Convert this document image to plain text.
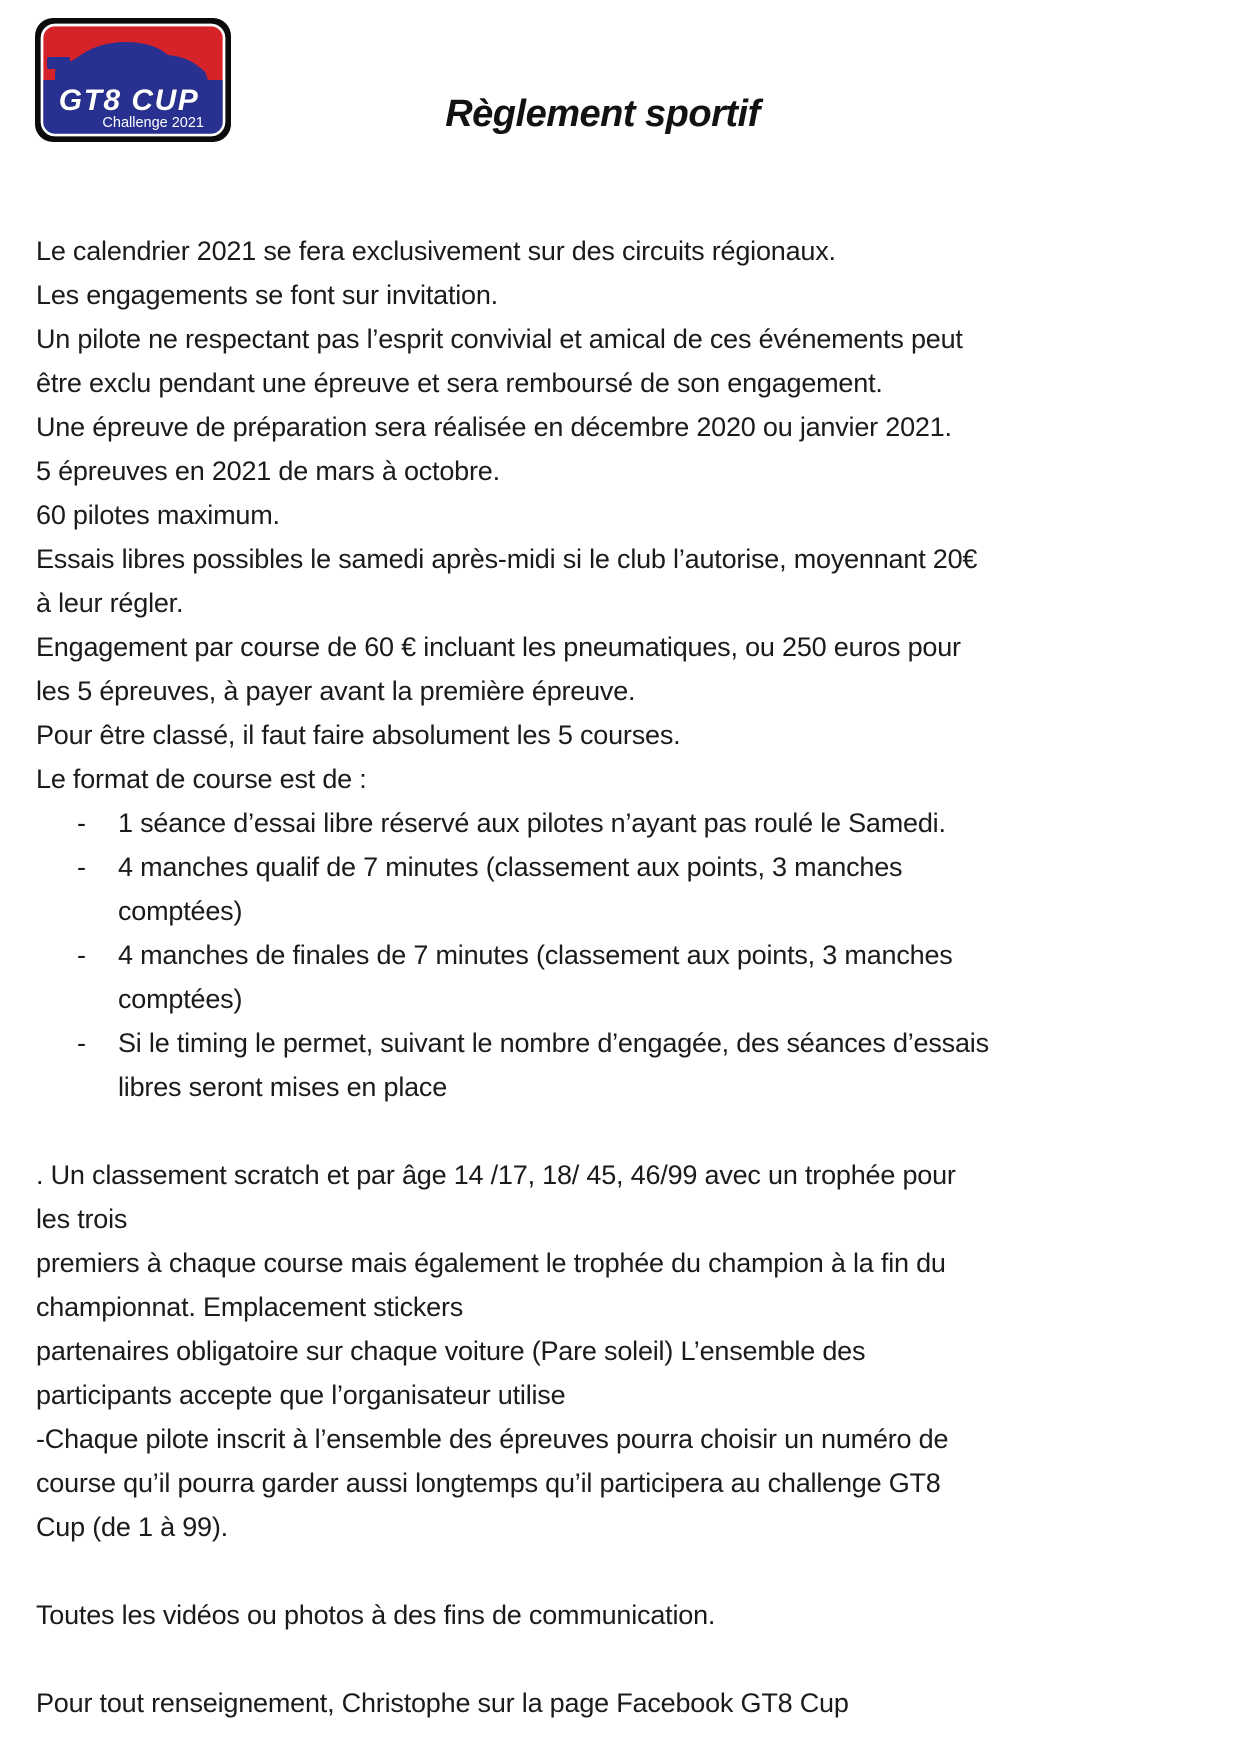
GT8 CUP
Challenge 2021	Règlement sportif
Le calendrier 2021 se fera exclusivement sur des circuits régionaux.
Les engagements se font sur invitation.
Un pilote ne respectant pas l’esprit convivial et amical de ces événements peut
être exclu pendant une épreuve et sera remboursé de son engagement.
Une épreuve de préparation sera réalisée en décembre 2020 ou janvier 2021.
5 épreuves en 2021 de mars à octobre.
60 pilotes maximum.
Essais libres possibles le samedi après-midi si le club l’autorise, moyennant 20€
à leur régler.
Engagement par course de 60 € incluant les pneumatiques, ou 250 euros pour
les 5 épreuves, à payer avant la première épreuve.
Pour être classé, il faut faire absolument les 5 courses.
Le format de course est de :
- 1 séance d’essai libre réservé aux pilotes n’ayant pas roulé le Samedi.
- 4 manches qualif de 7 minutes (classement aux points, 3 manches
comptées)
- 4 manches de finales de 7 minutes (classement aux points, 3 manches
comptées)
- Si le timing le permet, suivant le nombre d’engagée, des séances d’essais
libres seront mises en place
. Un classement scratch et par âge 14 /17, 18/ 45, 46/99 avec un trophée pour
les trois
premiers à chaque course mais également le trophée du champion à la fin du
championnat. Emplacement stickers
partenaires obligatoire sur chaque voiture (Pare soleil) L’ensemble des
participants accepte que l’organisateur utilise
-Chaque pilote inscrit à l’ensemble des épreuves pourra choisir un numéro de
course qu’il pourra garder aussi longtemps qu’il participera au challenge GT8
Cup (de 1 à 99).
Toutes les vidéos ou photos à des fins de communication.
Pour tout renseignement, Christophe sur la page Facebook GT8 Cup
